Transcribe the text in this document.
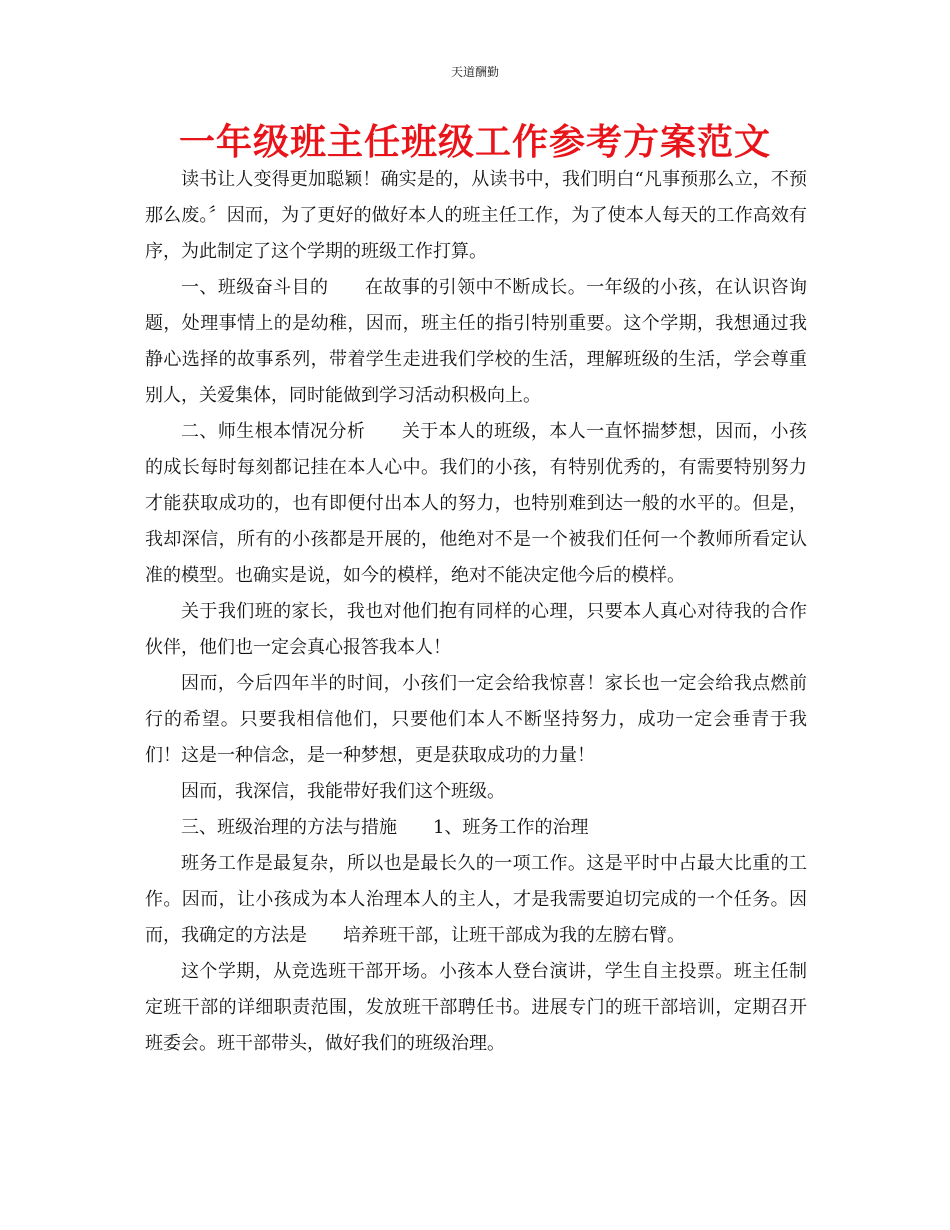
天道酬勤
一年级班主任班级工作参考方案范文

读书让人变得更加聪颖！确实是的，从读书中，我们明白“凡事预那么立，不预那么废。〞因而，为了更好的做好本人的班主任工作，为了使本人每天的工作高效有序，为此制定了这个学期的班级工作打算。

一、班级奋斗目的 在故事的引领中不断成长。一年级的小孩，在认识咨询题，处理事情上的是幼稚，因而，班主任的指引特别重要。这个学期，我想通过我静心选择的故事系列，带着学生走进我们学校的生活，理解班级的生活，学会尊重别人，关爱集体，同时能做到学习活动积极向上。

二、师生根本情况分析 关于本人的班级，本人一直怀揣梦想，因而，小孩的成长每时每刻都记挂在本人心中。我们的小孩，有特别优秀的，有需要特别努力才能获取成功的，也有即便付出本人的努力，也特别难到达一般的水平的。但是，我却深信，所有的小孩都是开展的，他绝对不是一个被我们任何一个教师所看定认准的模型。也确实是说，如今的模样，绝对不能决定他今后的模样。

关于我们班的家长，我也对他们抱有同样的心理，只要本人真心对待我的合作伙伴，他们也一定会真心报答我本人！

因而，今后四年半的时间，小孩们一定会给我惊喜！家长也一定会给我点燃前行的希望。只要我相信他们，只要他们本人不断坚持努力，成功一定会垂青于我们！这是一种信念，是一种梦想，更是获取成功的力量！

因而，我深信，我能带好我们这个班级。

三、班级治理的方法与措施 1、班务工作的治理

班务工作是最复杂，所以也是最长久的一项工作。这是平时中占最大比重的工作。因而，让小孩成为本人治理本人的主人，才是我需要迫切完成的一个任务。因而，我确定的方法是 培养班干部，让班干部成为我的左膀右臂。

这个学期，从竞选班干部开场。小孩本人登台演讲，学生自主投票。班主任制定班干部的详细职责范围，发放班干部聘任书。进展专门的班干部培训，定期召开班委会。班干部带头，做好我们的班级治理。
